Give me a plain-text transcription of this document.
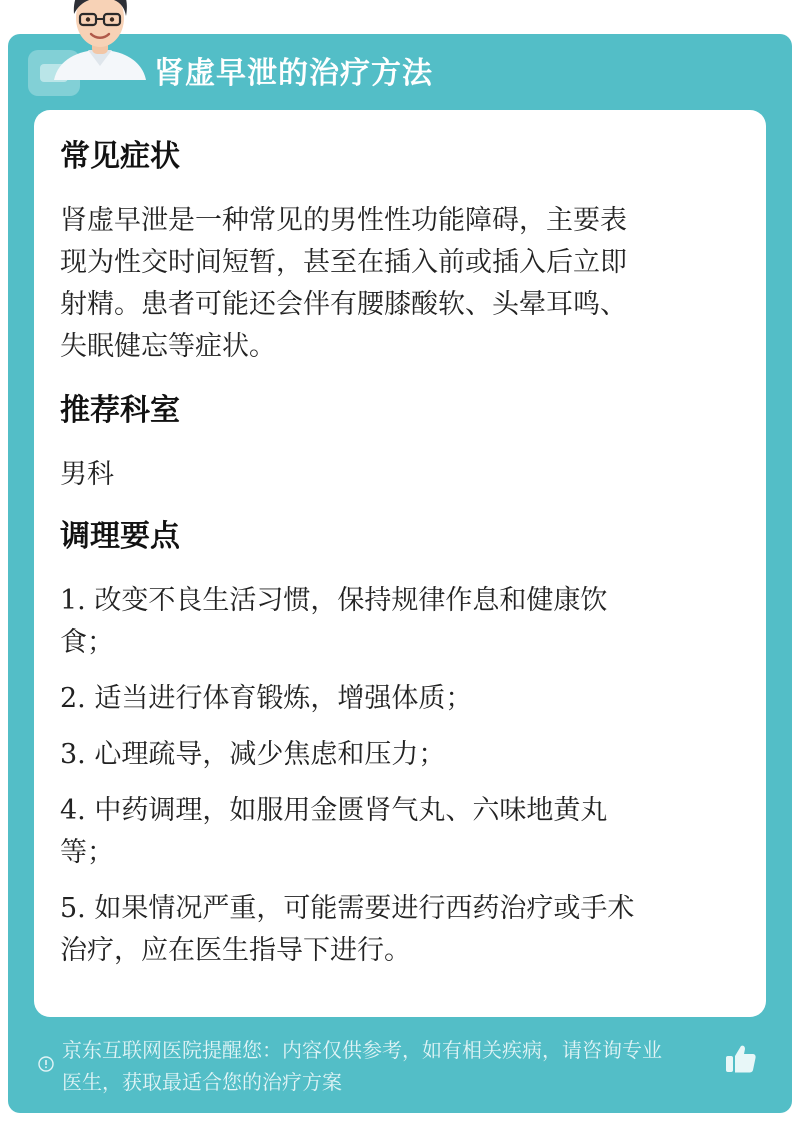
肾虚早泄的治疗方法
常见症状

肾虚早泄是一种常见的男性性功能障碍，主要表

现为性交时间短暂，甚至在插入前或插入后立即

射精。患者可能还会伴有腰膝酸软、头晕耳鸣、

失眠健忘等症状。

推荐科室

男科

调理要点
1. 改变不良生活习惯，保持规律作息和健康饮
食；
2. 适当进行体育锻炼，增强体质；
3. 心理疏导，减少焦虑和压力；
4. 中药调理，如服用金匮肾气丸、六味地黄丸
等；
5. 如果情况严重，可能需要进行西药治疗或手术
治疗，应在医生指导下进行。
京东互联网医院提醒您：内容仅供参考，如有相关疾病，请咨询专业
医生，获取最适合您的治疗方案
